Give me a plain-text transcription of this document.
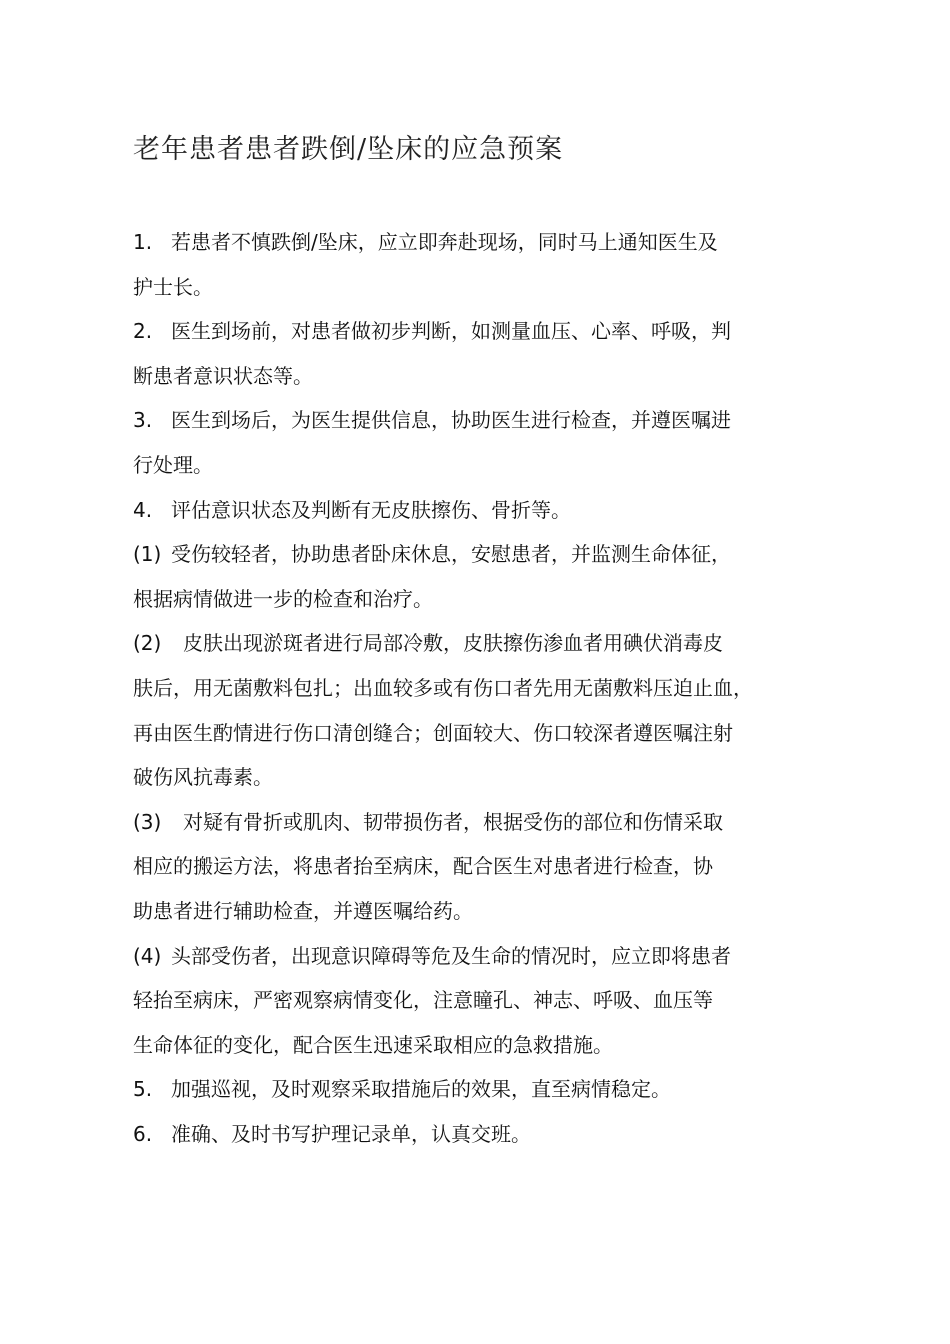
老年患者患者跌倒/坠床的应急预案
1. 若患者不慎跌倒/坠床，应立即奔赴现场，同时马上通知医生及
护士长。
2. 医生到场前，对患者做初步判断，如测量血压、心率、呼吸，判
断患者意识状态等。
3. 医生到场后，为医生提供信息，协助医生进行检查，并遵医嘱进
行处理。
4. 评估意识状态及判断有无皮肤擦伤、骨折等。
(1) 受伤较轻者，协助患者卧床休息，安慰患者，并监测生命体征，
根据病情做进一步的检查和治疗。
(2) 皮肤出现淤斑者进行局部冷敷，皮肤擦伤渗血者用碘伏消毒皮
肤后，用无菌敷料包扎；出血较多或有伤口者先用无菌敷料压迫止血，
再由医生酌情进行伤口清创缝合；创面较大、伤口较深者遵医嘱注射
破伤风抗毒素。
(3) 对疑有骨折或肌肉、韧带损伤者，根据受伤的部位和伤情采取
相应的搬运方法，将患者抬至病床，配合医生对患者进行检查，协
助患者进行辅助检查，并遵医嘱给药。
(4) 头部受伤者，出现意识障碍等危及生命的情况时，应立即将患者
轻抬至病床，严密观察病情变化，注意瞳孔、神志、呼吸、血压等
生命体征的变化，配合医生迅速采取相应的急救措施。
5. 加强巡视，及时观察采取措施后的效果，直至病情稳定。
6. 准确、及时书写护理记录单，认真交班。
